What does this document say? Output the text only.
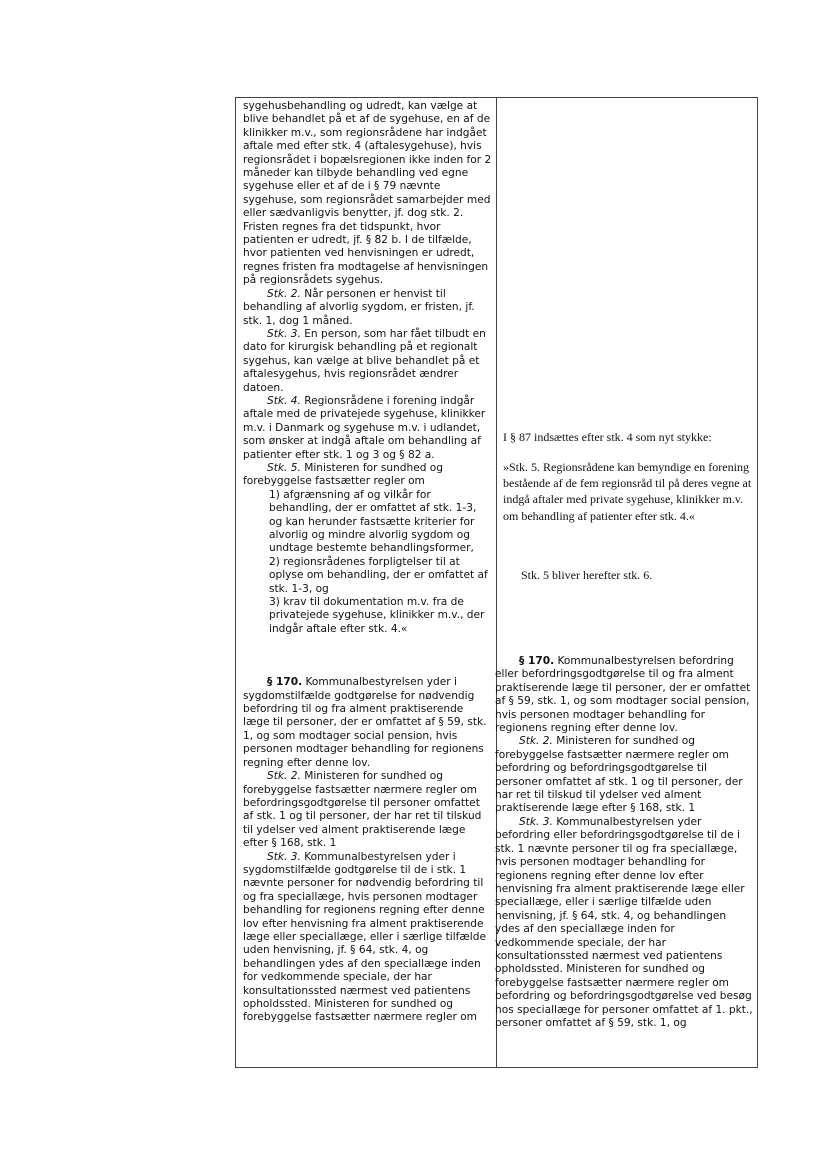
sygehusbehandling og udredt, kan vælge at blive behandlet på et af de sygehuse, en af de klinikker m.v., som regionsrådene har indgået aftale med efter stk. 4 (aftalesygehuse), hvis regionsrådet i bopælsregionen ikke inden for 2 måneder kan tilbyde behandling ved egne sygehuse eller et af de i § 79 nævnte sygehuse, som regionsrådet samarbejder med eller sædvanligvis benytter, jf. dog stk. 2. Fristen regnes fra det tidspunkt, hvor patienten er udredt, jf. § 82 b. I de tilfælde, hvor patienten ved henvisningen er udredt, regnes fristen fra modtagelse af henvisningen på regionsrådets sygehus.

Stk. 2. Når personen er henvist til behandling af alvorlig sygdom, er fristen, jf. stk. 1, dog 1 måned.

Stk. 3. En person, som har fået tilbudt en dato for kirurgisk behandling på et regionalt sygehus, kan vælge at blive behandlet på et aftalesygehus, hvis regionsrådet ændrer datoen.

Stk. 4. Regionsrådene i forening indgår aftale med de privatejede sygehuse, klinikker m.v. i Danmark og sygehuse m.v. i udlandet, som ønsker at indgå aftale om behandling af patienter efter stk. 1 og 3 og § 82 a.

Stk. 5. Ministeren for sundhed og forebyggelse fastsætter regler om

1) afgrænsning af og vilkår for behandling, der er omfattet af stk. 1-3, og kan herunder fastsætte kriterier for alvorlig og mindre alvorlig sygdom og undtage bestemte behandlingsformer,

2) regionsrådenes forpligtelser til at oplyse om behandling, der er omfattet af stk. 1-3, og

3) krav til dokumentation m.v. fra de privatejede sygehuse, klinikker m.v., der indgår aftale efter stk. 4.«

§ 170. Kommunalbestyrelsen yder i sygdomstilfælde godtgørelse for nødvendig befordring til og fra alment praktiserende læge til personer, der er omfattet af § 59, stk. 1, og som modtager social pension, hvis personen modtager behandling for regionens regning efter denne lov.

Stk. 2. Ministeren for sundhed og forebyggelse fastsætter nærmere regler om befordringsgodtgørelse til personer omfattet af stk. 1 og til personer, der har ret til tilskud til ydelser ved alment praktiserende læge efter § 168, stk. 1

Stk. 3. Kommunalbestyrelsen yder i sygdomstilfælde godtgørelse til de i stk. 1 nævnte personer for nødvendig befordring til og fra speciallæge, hvis personen modtager behandling for regionens regning efter denne lov efter henvisning fra alment praktiserende læge eller speciallæge, eller i særlige tilfælde uden henvisning, jf. § 64, stk. 4, og behandlingen ydes af den speciallæge inden for vedkommende speciale, der har konsultationssted nærmest ved patientens opholdssted. Ministeren for sundhed og forebyggelse fastsætter nærmere regler om

I § 87 indsættes efter stk. 4 som nyt stykke:

»Stk. 5. Regionsrådene kan bemyndige en forening bestående af de fem regionsråd til på deres vegne at indgå aftaler med private sygehuse, klinikker m.v. om behandling af patienter efter stk. 4.«

Stk. 5 bliver herefter stk. 6.

§ 170. Kommunalbestyrelsen befordring eller befordringsgodtgørelse til og fra alment praktiserende læge til personer, der er omfattet af § 59, stk. 1, og som modtager social pension, hvis personen modtager behandling for regionens regning efter denne lov.

Stk. 2. Ministeren for sundhed og forebyggelse fastsætter nærmere regler om befordring og befordringsgodtgørelse til personer omfattet af stk. 1 og til personer, der har ret til tilskud til ydelser ved alment praktiserende læge efter § 168, stk. 1

Stk. 3. Kommunalbestyrelsen yder befordring eller befordringsgodtgørelse til de i stk. 1 nævnte personer til og fra speciallæge, hvis personen modtager behandling for regionens regning efter denne lov efter henvisning fra alment praktiserende læge eller speciallæge, eller i særlige tilfælde uden henvisning, jf. § 64, stk. 4, og behandlingen ydes af den speciallæge inden for vedkommende speciale, der har konsultationssted nærmest ved patientens opholdssted. Ministeren for sundhed og forebyggelse fastsætter nærmere regler om befordring og befordringsgodtgørelse ved besøg hos speciallæge for personer omfattet af 1. pkt., personer omfattet af § 59, stk. 1, og
